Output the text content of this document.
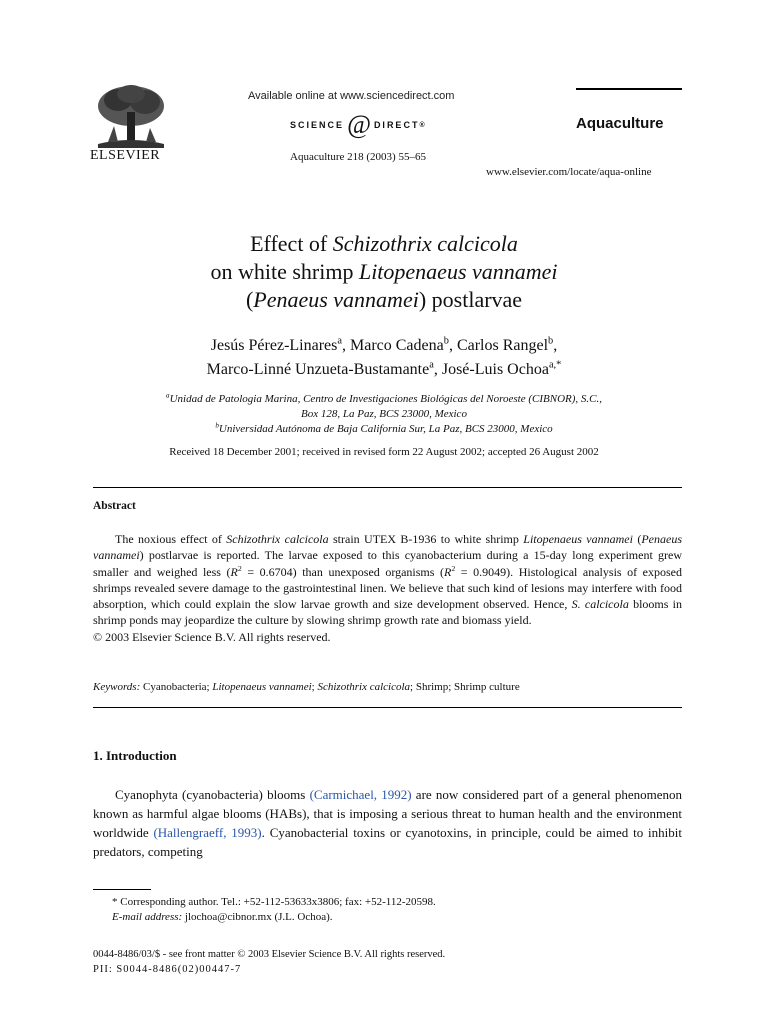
ELSEVIER
Available online at www.sciencedirect.com
SCIENCE @ DIRECT ®
Aquaculture 218 (2003) 55–65
Aquaculture
www.elsevier.com/locate/aqua-online
Effect of Schizothrix calcicola
on white shrimp Litopenaeus vannamei
(Penaeus vannamei) postlarvae
Jesús Pérez-Linares$^a$, Marco Cadena$^b$, Carlos Rangel$^b$,
Marco-Linné Unzueta-Bustamante$^a$, José-Luis Ochoa$^{a,*}$
$^a$Unidad de Patologia Marina, Centro de Investigaciones Biológicas del Noroeste (CIBNOR), S.C.,
Box 128, La Paz, BCS 23000, Mexico
$^b$Universidad Autónoma de Baja California Sur, La Paz, BCS 23000, Mexico
Received 18 December 2001; received in revised form 22 August 2002; accepted 26 August 2002
Abstract

The noxious effect of Schizothrix calcicola strain UTEX B-1936 to white shrimp Litopenaeus vannamei (Penaeus vannamei) postlarvae is reported. The larvae exposed to this cyanobacterium during a 15-day long experiment grew smaller and weighed less $(R^2 = 0.6704)$ than unexposed organisms $(R^2 = 0.9049)$. Histological analysis of exposed shrimps revealed severe damage to the gastrointestinal linen. We believe that such kind of lesions may interfere with food absorption, which could explain the slow larvae growth and size development observed. Hence, S. calcicola blooms in shrimp ponds may jeopardize the culture by slowing shrimp growth rate and biomass yield.

© 2003 Elsevier Science B.V. All rights reserved.

Keywords: Cyanobacteria; Litopenaeus vannamei; Schizothrix calcicola; Shrimp; Shrimp culture
1. Introduction

Cyanophyta (cyanobacteria) blooms (Carmichael, 1992) are now considered part of a general phenomenon known as harmful algae blooms (HABs), that is imposing a serious threat to human health and the environment worldwide (Hallengraeff, 1993). Cyanobacterial toxins or cyanotoxins, in principle, could be aimed to inhibit predators, competing

* Corresponding author. Tel.: +52-112-53633x3806; fax: +52-112-20598.
E-mail address: jlochoa@cibnor.mx (J.L. Ochoa).
0044-8486/03/$ - see front matter © 2003 Elsevier Science B.V. All rights reserved.
PII: S0044-8486(02)00447-7
